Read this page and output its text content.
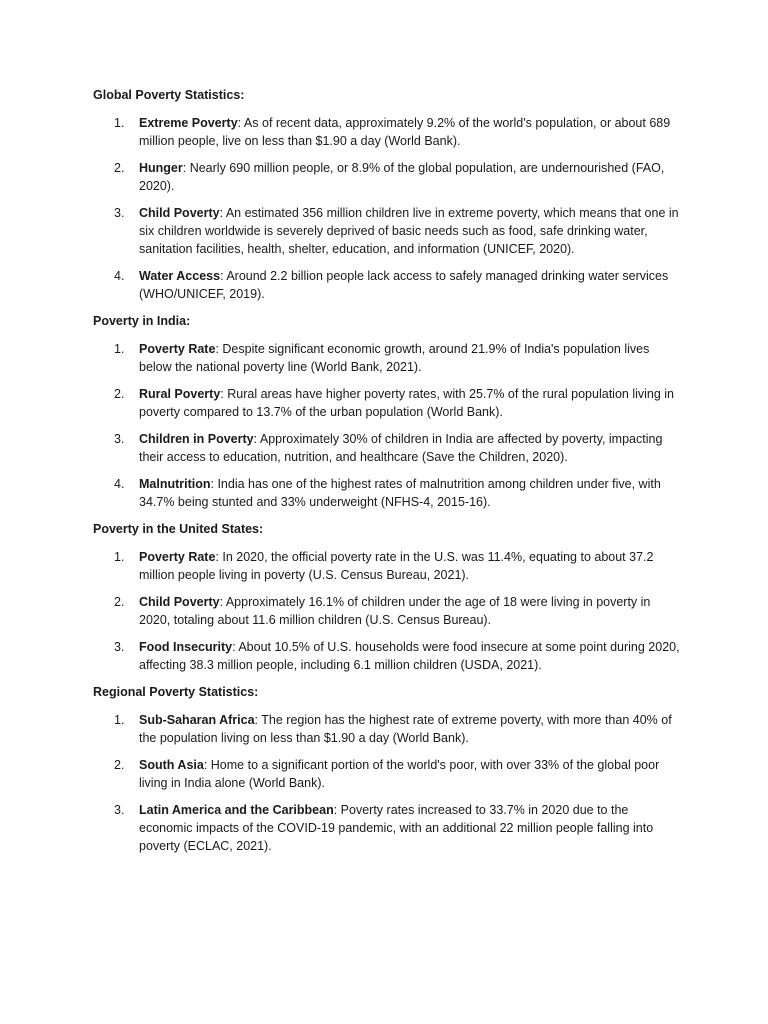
Global Poverty Statistics:
1. Extreme Poverty: As of recent data, approximately 9.2% of the world's population, or about 689 million people, live on less than $1.90 a day (World Bank).
2. Hunger: Nearly 690 million people, or 8.9% of the global population, are undernourished (FAO, 2020).
3. Child Poverty: An estimated 356 million children live in extreme poverty, which means that one in six children worldwide is severely deprived of basic needs such as food, safe drinking water, sanitation facilities, health, shelter, education, and information (UNICEF, 2020).
4. Water Access: Around 2.2 billion people lack access to safely managed drinking water services (WHO/UNICEF, 2019).
Poverty in India:
1. Poverty Rate: Despite significant economic growth, around 21.9% of India's population lives below the national poverty line (World Bank, 2021).
2. Rural Poverty: Rural areas have higher poverty rates, with 25.7% of the rural population living in poverty compared to 13.7% of the urban population (World Bank).
3. Children in Poverty: Approximately 30% of children in India are affected by poverty, impacting their access to education, nutrition, and healthcare (Save the Children, 2020).
4. Malnutrition: India has one of the highest rates of malnutrition among children under five, with 34.7% being stunted and 33% underweight (NFHS-4, 2015-16).
Poverty in the United States:
1. Poverty Rate: In 2020, the official poverty rate in the U.S. was 11.4%, equating to about 37.2 million people living in poverty (U.S. Census Bureau, 2021).
2. Child Poverty: Approximately 16.1% of children under the age of 18 were living in poverty in 2020, totaling about 11.6 million children (U.S. Census Bureau).
3. Food Insecurity: About 10.5% of U.S. households were food insecure at some point during 2020, affecting 38.3 million people, including 6.1 million children (USDA, 2021).
Regional Poverty Statistics:
1. Sub-Saharan Africa: The region has the highest rate of extreme poverty, with more than 40% of the population living on less than $1.90 a day (World Bank).
2. South Asia: Home to a significant portion of the world's poor, with over 33% of the global poor living in India alone (World Bank).
3. Latin America and the Caribbean: Poverty rates increased to 33.7% in 2020 due to the economic impacts of the COVID-19 pandemic, with an additional 22 million people falling into poverty (ECLAC, 2021).
